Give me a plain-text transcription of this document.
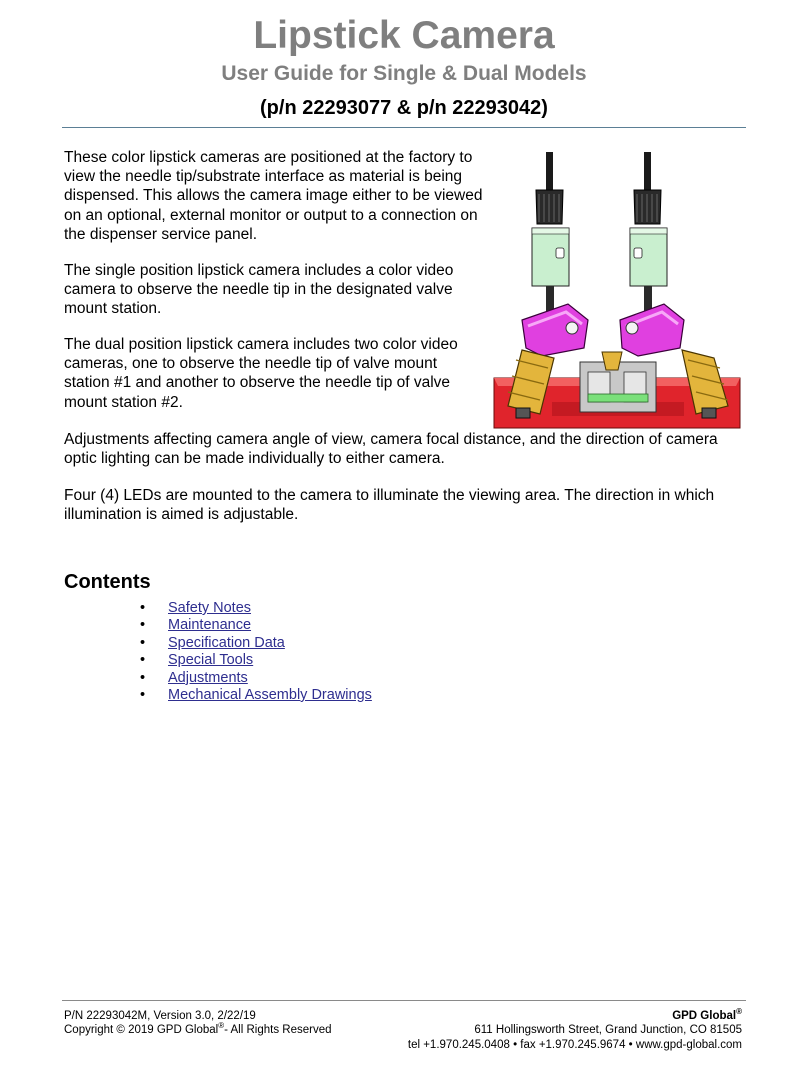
Lipstick Camera
User Guide for Single & Dual Models
(p/n 22293077 & p/n 22293042)

These color lipstick cameras are positioned at the factory to view the needle tip/substrate interface as material is being dispensed. This allows the camera image either to be viewed on an optional, external monitor or output to a connection on the dispenser service panel.

The single position lipstick camera includes a color video camera to observe the needle tip in the designated valve mount station.

The dual position lipstick camera includes two color video cameras, one to observe the needle tip of valve mount station #1 and another to observe the needle tip of valve mount station #2.

Adjustments affecting camera angle of view, camera focal distance, and the direction of camera optic lighting can be made individually to either camera.

Four (4) LEDs are mounted to the camera to illuminate the viewing area. The direction in which illumination is aimed is adjustable.

Contents
•	Safety Notes
•	Maintenance
•	Specification Data
•	Special Tools
•	Adjustments
•	Mechanical Assembly Drawings
P/N 22293042M, Version 3.0, 2/22/19
Copyright © 2019 GPD Global®- All Rights Reserved
GPD Global®
611 Hollingsworth Street, Grand Junction, CO 81505
tel +1.970.245.0408 • fax +1.970.245.9674 • www.gpd-global.com
